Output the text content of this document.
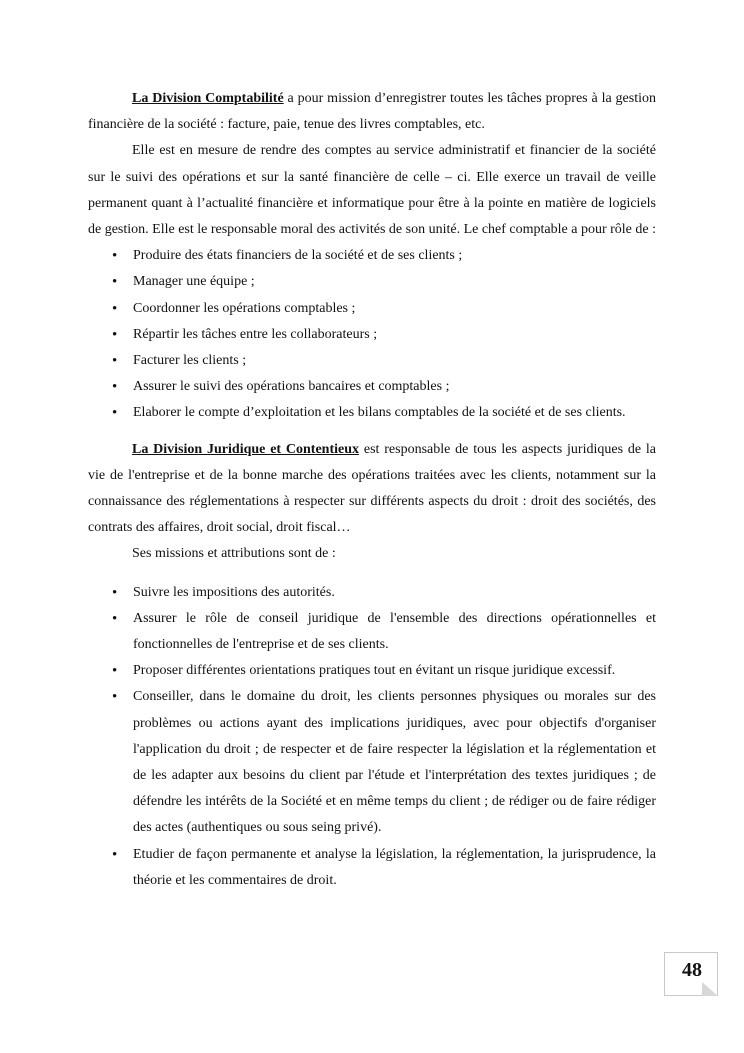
La Division Comptabilité a pour mission d’enregistrer toutes les tâches propres à la gestion financière de la société : facture, paie, tenue des livres comptables, etc.

Elle est en mesure de rendre des comptes au service administratif et financier de la société sur le suivi des opérations et sur la santé financière de celle – ci. Elle exerce un travail de veille permanent quant à l’actualité financière et informatique pour être à la pointe en matière de logiciels de gestion. Elle est le responsable moral des activités de son unité. Le chef comptable a pour rôle de :

• Produire des états financiers de la société et de ses clients ;
• Manager une équipe ;
• Coordonner les opérations comptables ;
• Répartir les tâches entre les collaborateurs ;
• Facturer les clients ;
• Assurer le suivi des opérations bancaires et comptables ;
• Elaborer le compte d’exploitation et les bilans comptables de la société et de ses clients.

La Division Juridique et Contentieux est responsable de tous les aspects juridiques de la vie de l'entreprise et de la bonne marche des opérations traitées avec les clients, notamment sur la connaissance des réglementations à respecter sur différents aspects du droit : droit des sociétés, des contrats des affaires, droit social, droit fiscal…

Ses missions et attributions sont de :

• Suivre les impositions des autorités.
• Assurer le rôle de conseil juridique de l'ensemble des directions opérationnelles et fonctionnelles de l'entreprise et de ses clients.
• Proposer différentes orientations pratiques tout en évitant un risque juridique excessif.
• Conseiller, dans le domaine du droit, les clients personnes physiques ou morales sur des problèmes ou actions ayant des implications juridiques, avec pour objectifs d'organiser l'application du droit ; de respecter et de faire respecter la législation et la réglementation et de les adapter aux besoins du client par l'étude et l'interprétation des textes juridiques ; de défendre les intérêts de la Société et en même temps du client ; de rédiger ou de faire rédiger des actes (authentiques ou sous seing privé).
• Etudier de façon permanente et analyse la législation, la réglementation, la jurisprudence, la théorie et les commentaires de droit.
48
